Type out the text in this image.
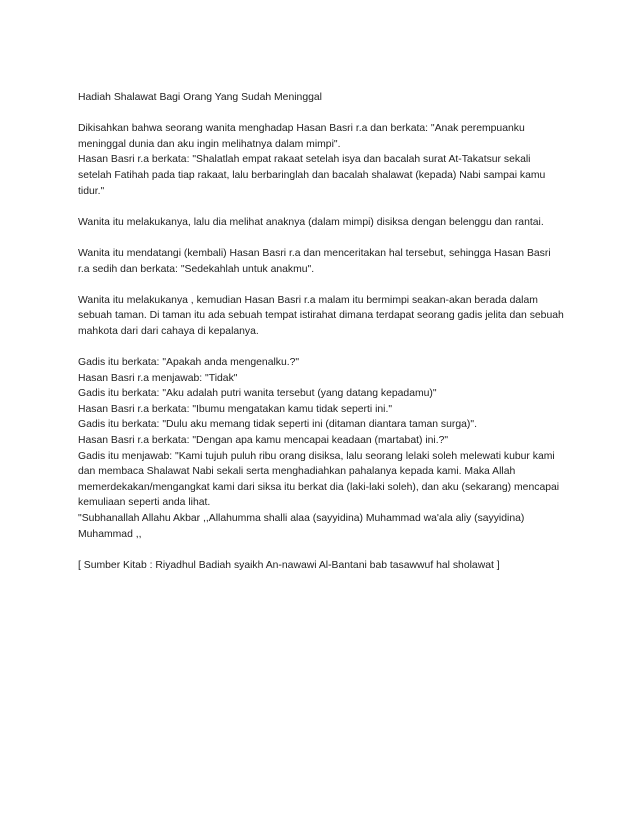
Hadiah Shalawat Bagi Orang Yang Sudah Meninggal

Dikisahkan bahwa seorang wanita menghadap Hasan Basri r.a dan berkata: "Anak perempuanku
meninggal dunia dan aku ingin melihatnya dalam mimpi".
Hasan Basri r.a berkata: "Shalatlah empat rakaat setelah isya dan bacalah surat At-Takatsur sekali
setelah Fatihah pada tiap rakaat, lalu berbaringlah dan bacalah shalawat (kepada) Nabi sampai kamu
tidur."

Wanita itu melakukanya, lalu dia melihat anaknya (dalam mimpi) disiksa dengan belenggu dan rantai.

Wanita itu mendatangi (kembali) Hasan Basri r.a dan menceritakan hal tersebut, sehingga Hasan Basri
r.a sedih dan berkata: "Sedekahlah untuk anakmu".

Wanita itu melakukanya , kemudian Hasan Basri r.a malam itu bermimpi seakan-akan berada dalam
sebuah taman. Di taman itu ada sebuah tempat istirahat dimana terdapat seorang gadis jelita dan sebuah
mahkota dari dari cahaya di kepalanya.

Gadis itu berkata: "Apakah anda mengenalku.?"
Hasan Basri r.a menjawab: "Tidak"
Gadis itu berkata: "Aku adalah putri wanita tersebut (yang datang kepadamu)"
Hasan Basri r.a berkata: "Ibumu mengatakan kamu tidak seperti ini."
Gadis itu berkata: "Dulu aku memang tidak seperti ini (ditaman diantara taman surga)".
Hasan Basri r.a berkata: "Dengan apa kamu mencapai keadaan (martabat) ini.?"
Gadis itu menjawab: "Kami tujuh puluh ribu orang disiksa, lalu seorang lelaki soleh melewati kubur kami
dan membaca Shalawat Nabi sekali serta menghadiahkan pahalanya kepada kami. Maka Allah
memerdekakan/mengangkat kami dari siksa itu berkat dia (laki-laki soleh), dan aku (sekarang) mencapai
kemuliaan seperti anda lihat.
"Subhanallah Allahu Akbar ,,Allahumma shalli alaa (sayyidina) Muhammad wa'ala aliy (sayyidina)
Muhammad ,,

[ Sumber Kitab : Riyadhul Badiah syaikh An-nawawi Al-Bantani bab tasawwuf hal sholawat ]
